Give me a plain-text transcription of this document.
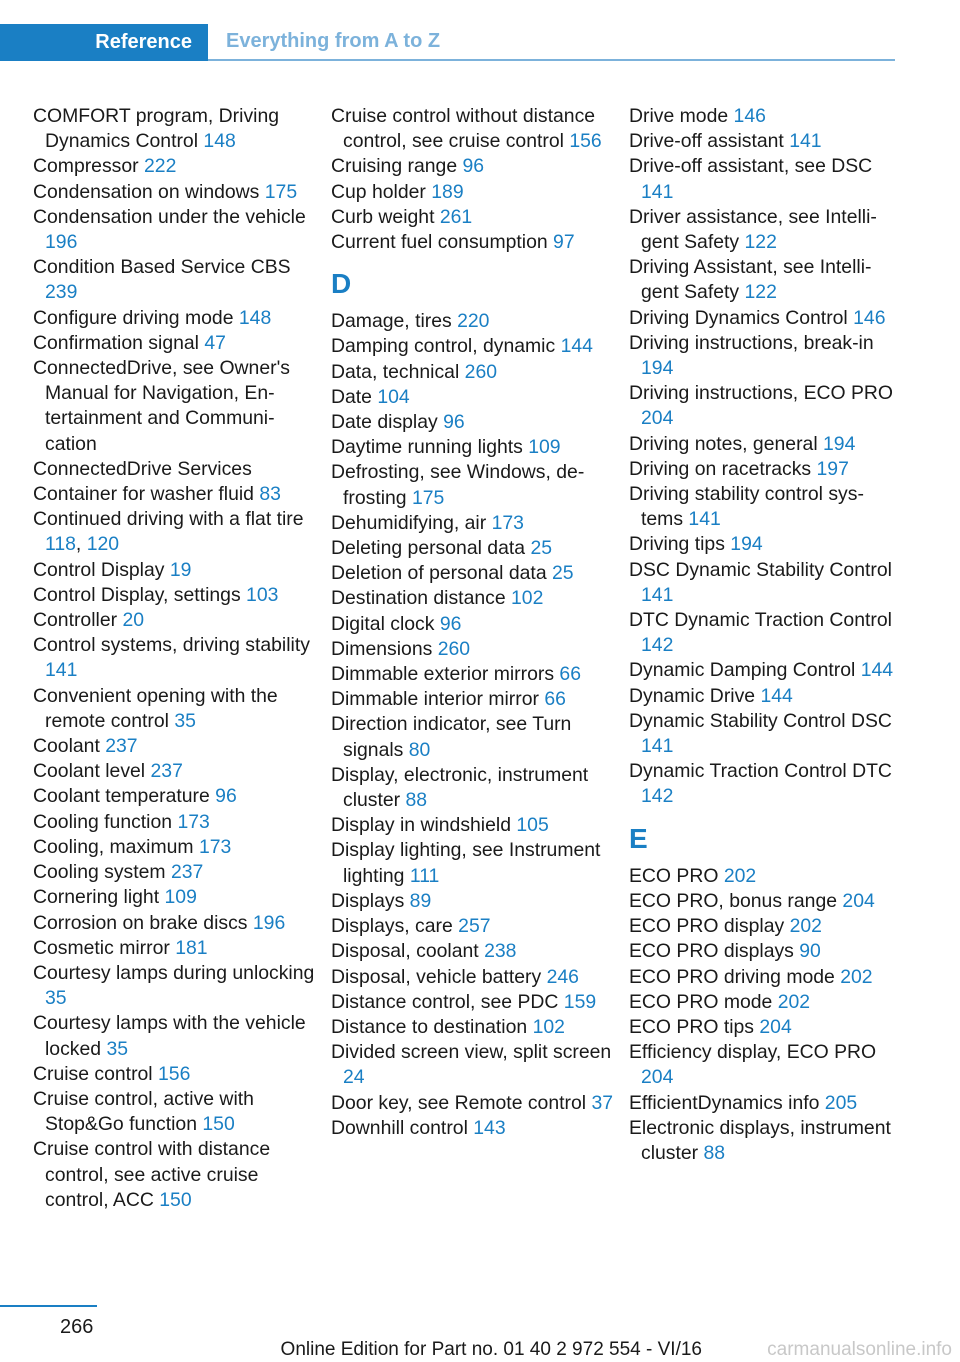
Reference	Everything from A to Z

COMFORT program, Driving Dynamics Control 148

Compressor 222

Condensation on windows 175

Condensation under the vehicle 196

Condition Based Service CBS 239

Configure driving mode 148

Confirmation signal 47

ConnectedDrive, see Owner's Manual for Navigation, Entertainment and Communication

ConnectedDrive Services

Container for washer fluid 83

Continued driving with a flat tire 118, 120

Control Display 19

Control Display, settings 103

Controller 20

Control systems, driving stability 141

Convenient opening with the remote control 35

Coolant 237

Coolant level 237

Coolant temperature 96

Cooling function 173

Cooling, maximum 173

Cooling system 237

Cornering light 109

Corrosion on brake discs 196

Cosmetic mirror 181

Courtesy lamps during unlocking 35

Courtesy lamps with the vehicle locked 35

Cruise control 156

Cruise control, active with Stop&Go function 150

Cruise control with distance control, see active cruise control, ACC 150

Cruise control without distance control, see cruise control 156

Cruising range 96

Cup holder 189

Curb weight 261

Current fuel consumption 97

D

Damage, tires 220

Damping control, dynamic 144

Data, technical 260

Date 104

Date display 96

Daytime running lights 109

Defrosting, see Windows, defrosting 175

Dehumidifying, air 173

Deleting personal data 25

Deletion of personal data 25

Destination distance 102

Digital clock 96

Dimensions 260

Dimmable exterior mirrors 66

Dimmable interior mirror 66

Direction indicator, see Turn signals 80

Display, electronic, instrument cluster 88

Display in windshield 105

Display lighting, see Instrument lighting 111

Displays 89

Displays, care 257

Disposal, coolant 238

Disposal, vehicle battery 246

Distance control, see PDC 159

Distance to destination 102

Divided screen view, split screen 24

Door key, see Remote control 37

Downhill control 143

Drive mode 146

Drive-off assistant 141

Drive-off assistant, see DSC 141

Driver assistance, see Intelligent Safety 122

Driving Assistant, see Intelligent Safety 122

Driving Dynamics Control 146

Driving instructions, break-in 194

Driving instructions, ECO PRO 204

Driving notes, general 194

Driving on racetracks 197

Driving stability control systems 141

Driving tips 194

DSC Dynamic Stability Control 141

DTC Dynamic Traction Control 142

Dynamic Damping Control 144

Dynamic Drive 144

Dynamic Stability Control DSC 141

Dynamic Traction Control DTC 142

E

ECO PRO 202

ECO PRO, bonus range 204

ECO PRO display 202

ECO PRO displays 90

ECO PRO driving mode 202

ECO PRO mode 202

ECO PRO tips 204

Efficiency display, ECO PRO 204

EfficientDynamics info 205

Electronic displays, instrument cluster 88

266
Online Edition for Part no. 01 40 2 972 554 - VI/16	carmanualsonline.info
